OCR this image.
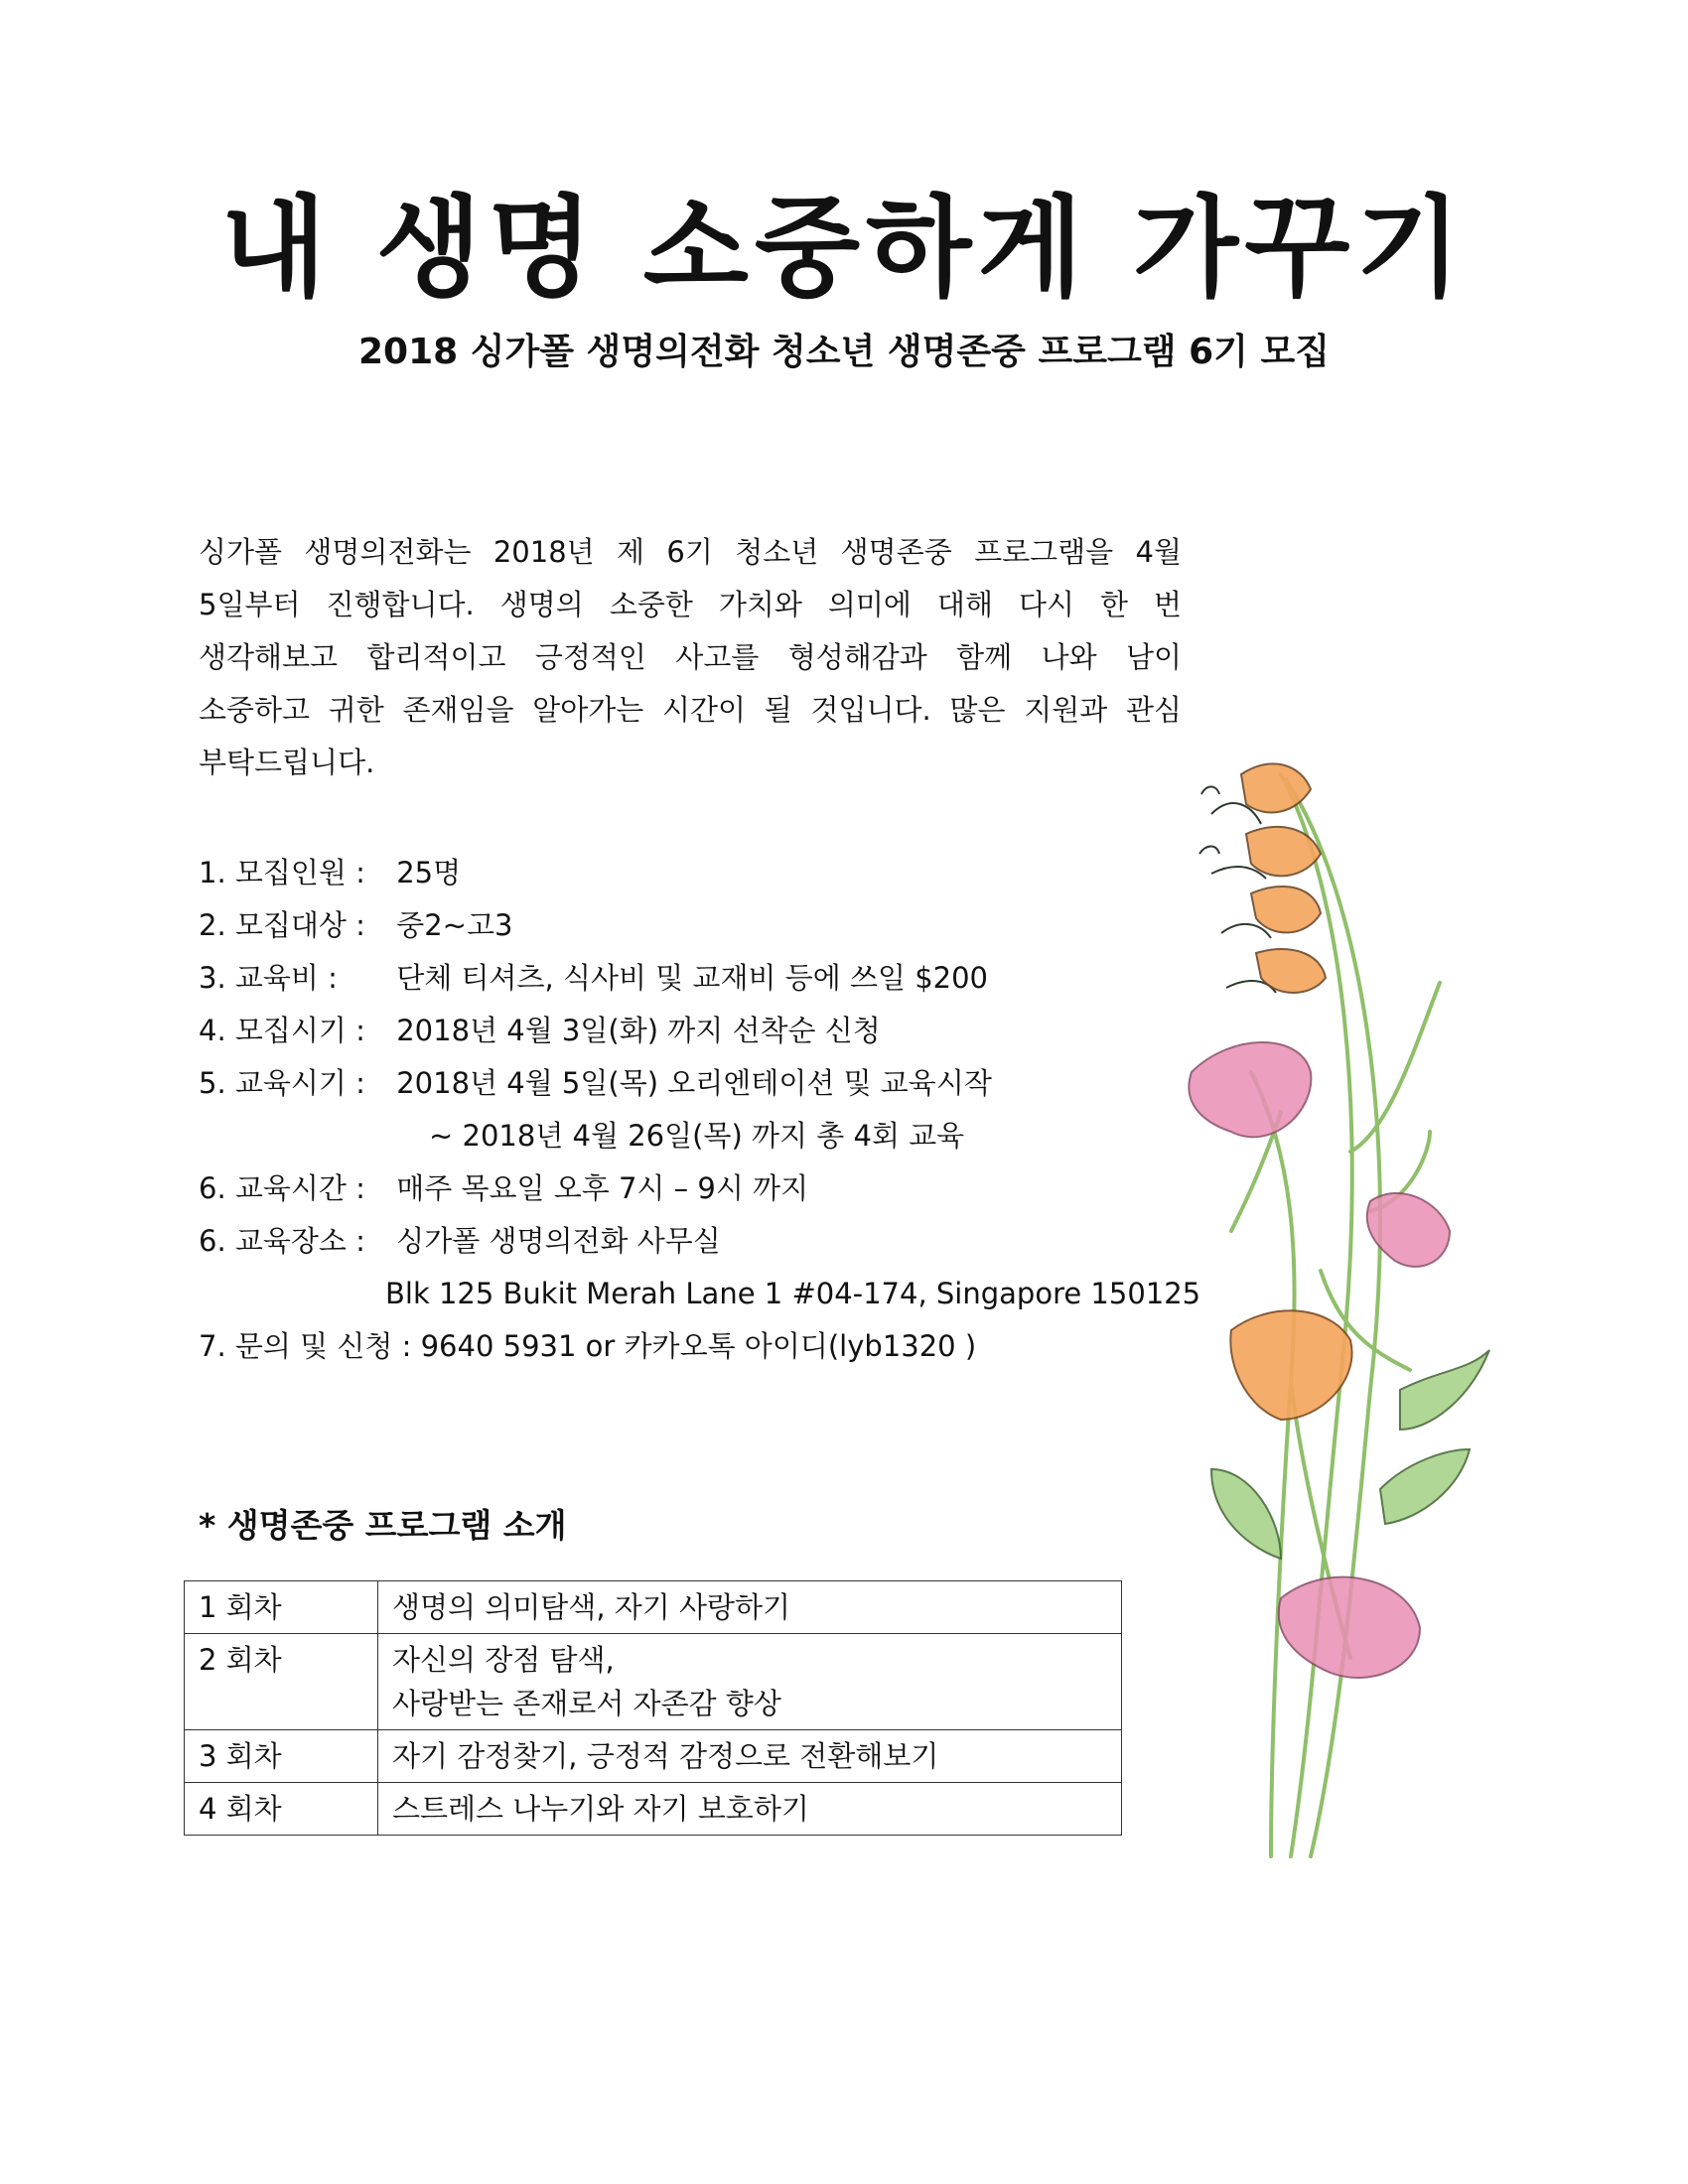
내 생명 소중하게 가꾸기
2018 싱가폴 생명의전화 청소년 생명존중 프로그램 6기 모집
싱가폴 생명의전화는 2018년 제 6기 청소년 생명존중 프로그램을 4월
5일부터 진행합니다. 생명의 소중한 가치와 의미에 대해 다시 한 번
생각해보고 합리적이고 긍정적인 사고를 형성해감과 함께 나와 남이
소중하고 귀한 존재임을 알아가는 시간이 될 것입니다. 많은 지원과 관심
부탁드립니다.
1. 모집인원 : 25명
2. 모집대상 : 중2~고3
3. 교육비 : 단체 티셔츠, 식사비 및 교재비 등에 쓰일 $200
4. 모집시기 : 2018년 4월 3일(화) 까지 선착순 신청
5. 교육시기 : 2018년 4월 5일(목) 오리엔테이션 및 교육시작
~ 2018년 4월 26일(목) 까지 총 4회 교육
6. 교육시간 : 매주 목요일 오후 7시 – 9시 까지
6. 교육장소 : 싱가폴 생명의전화 사무실
Blk 125 Bukit Merah Lane 1 #04-174, Singapore 150125
7. 문의 및 신청 : 9640 5931 or 카카오톡 아이디(lyb1320 )
* 생명존중 프로그램 소개
1 회차	생명의 의미탐색, 자기 사랑하기

2 회차	자신의 장점 탐색,
사랑받는 존재로서 자존감 향상

3 회차	자기 감정찾기, 긍정적 감정으로 전환해보기

4 회차	스트레스 나누기와 자기 보호하기
